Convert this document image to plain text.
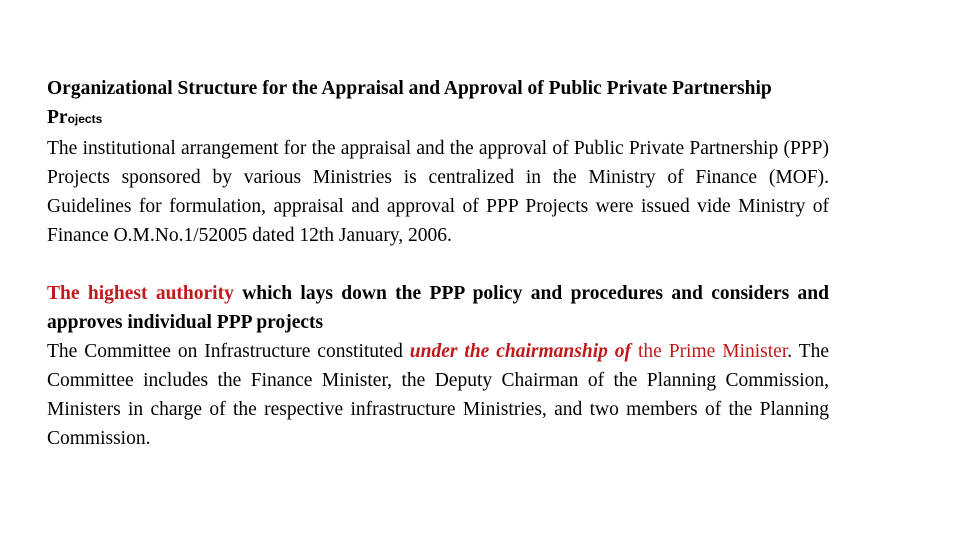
Organizational Structure for the Appraisal and Approval of Public Private Partnership Projects

The institutional arrangement for the appraisal and the approval of Public Private Partnership (PPP) Projects sponsored by various Ministries is centralized in the Ministry of Finance (MOF). Guidelines for formulation, appraisal and approval of PPP Projects were issued vide Ministry of Finance O.M.No.1/52005 dated 12th January, 2006.

The highest authority which lays down the PPP policy and procedures and considers and approves individual PPP projects

The Committee on Infrastructure constituted under the chairmanship of the Prime Minister. The Committee includes the Finance Minister, the Deputy Chairman of the Planning Commission, Ministers in charge of the respective infrastructure Ministries, and two members of the Planning Commission.
